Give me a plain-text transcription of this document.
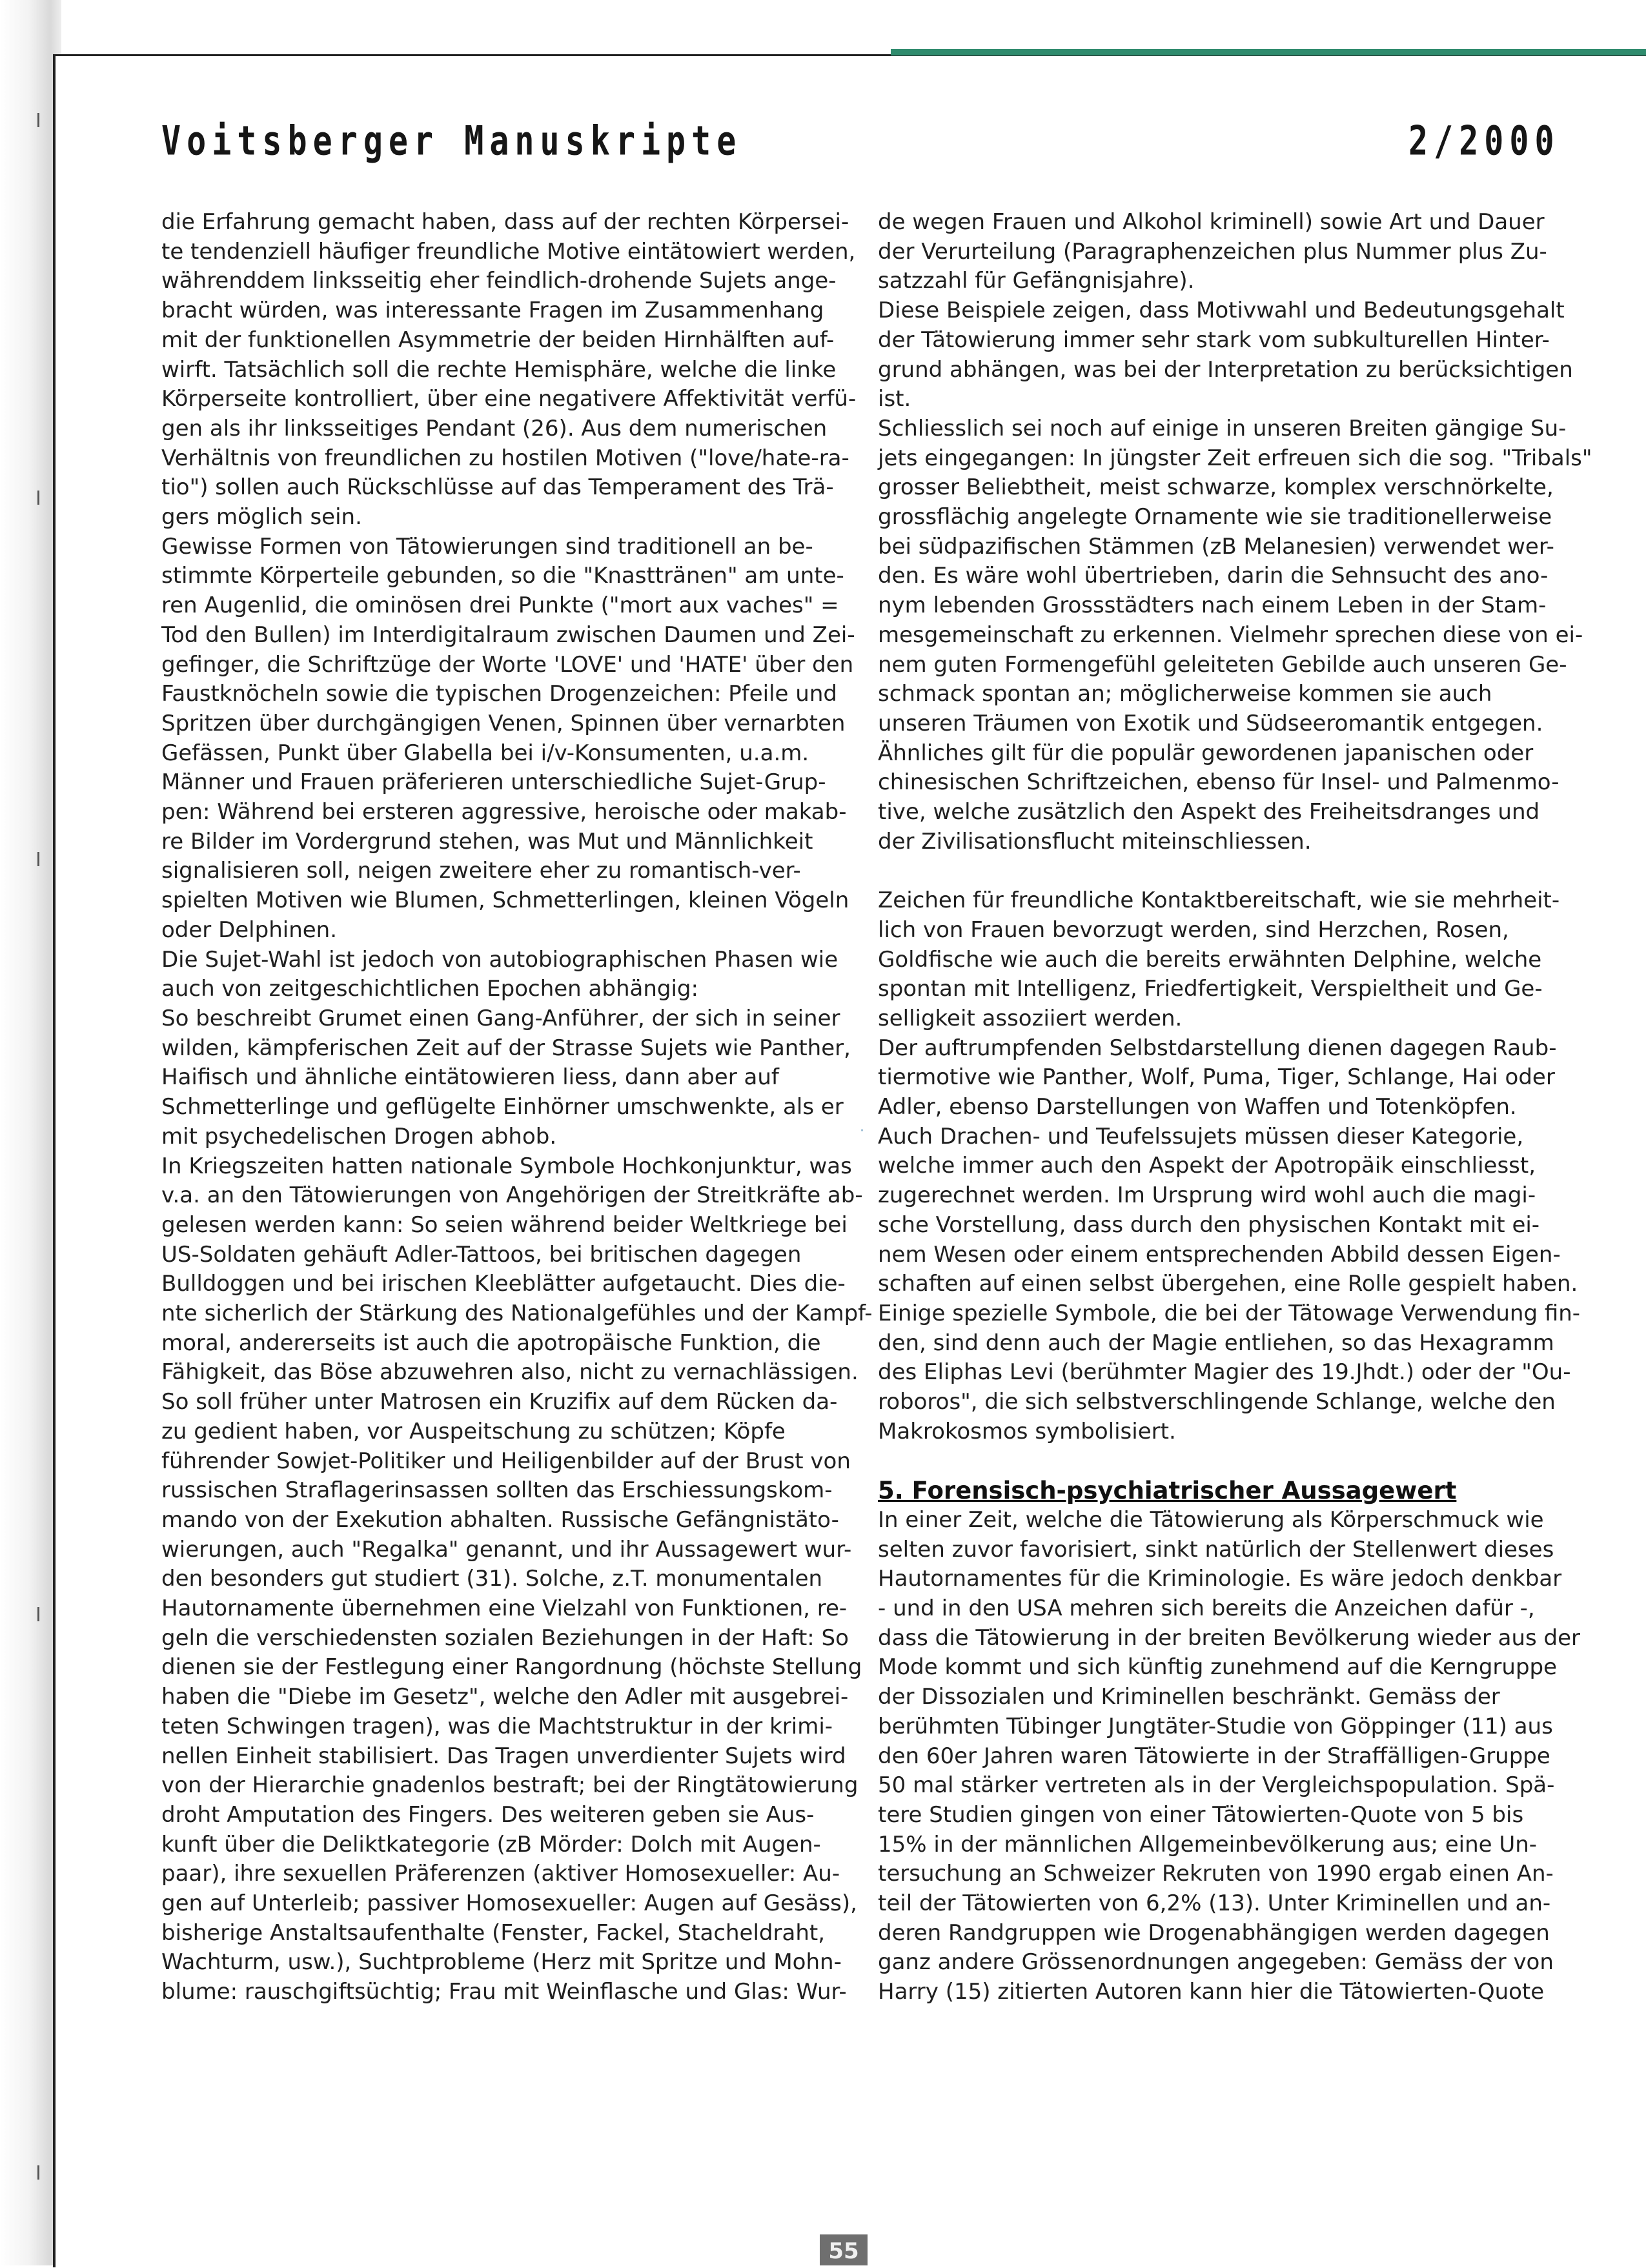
Voitsberger Manuskripte	2/2000

die Erfahrung gemacht haben, dass auf der rechten Körpersei-

te tendenziell häufiger freundliche Motive eintätowiert werden,

währenddem linksseitig eher feindlich-drohende Sujets ange-

bracht würden, was interessante Fragen im Zusammenhang

mit der funktionellen Asymmetrie der beiden Hirnhälften auf-

wirft. Tatsächlich soll die rechte Hemisphäre, welche die linke

Körperseite kontrolliert, über eine negativere Affektivität verfü-

gen als ihr linksseitiges Pendant (26). Aus dem numerischen

Verhältnis von freundlichen zu hostilen Motiven ("love/hate-ra-

tio") sollen auch Rückschlüsse auf das Temperament des Trä-

gers möglich sein.

Gewisse Formen von Tätowierungen sind traditionell an be-

stimmte Körperteile gebunden, so die "Knasttränen" am unte-

ren Augenlid, die ominösen drei Punkte ("mort aux vaches" =

Tod den Bullen) im Interdigitalraum zwischen Daumen und Zei-

gefinger, die Schriftzüge der Worte 'LOVE' und 'HATE' über den

Faustknöcheln sowie die typischen Drogenzeichen: Pfeile und

Spritzen über durchgängigen Venen, Spinnen über vernarbten

Gefässen, Punkt über Glabella bei i/v-Konsumenten, u.a.m.

Männer und Frauen präferieren unterschiedliche Sujet-Grup-

pen: Während bei ersteren aggressive, heroische oder makab-

re Bilder im Vordergrund stehen, was Mut und Männlichkeit

signalisieren soll, neigen zweitere eher zu romantisch-ver-

spielten Motiven wie Blumen, Schmetterlingen, kleinen Vögeln

oder Delphinen.

Die Sujet-Wahl ist jedoch von autobiographischen Phasen wie

auch von zeitgeschichtlichen Epochen abhängig:

So beschreibt Grumet einen Gang-Anführer, der sich in seiner

wilden, kämpferischen Zeit auf der Strasse Sujets wie Panther,

Haifisch und ähnliche eintätowieren liess, dann aber auf

Schmetterlinge und geflügelte Einhörner umschwenkte, als er

mit psychedelischen Drogen abhob.

In Kriegszeiten hatten nationale Symbole Hochkonjunktur, was

v.a. an den Tätowierungen von Angehörigen der Streitkräfte ab-

gelesen werden kann: So seien während beider Weltkriege bei

US-Soldaten gehäuft Adler-Tattoos, bei britischen dagegen

Bulldoggen und bei irischen Kleeblätter aufgetaucht. Dies die-

nte sicherlich der Stärkung des Nationalgefühles und der Kampf-

moral, andererseits ist auch die apotropäische Funktion, die

Fähigkeit, das Böse abzuwehren also, nicht zu vernachlässigen.

So soll früher unter Matrosen ein Kruzifix auf dem Rücken da-

zu gedient haben, vor Auspeitschung zu schützen; Köpfe

führender Sowjet-Politiker und Heiligenbilder auf der Brust von

russischen Straflagerinsassen sollten das Erschiessungskom-

mando von der Exekution abhalten. Russische Gefängnistäto-

wierungen, auch "Regalka" genannt, und ihr Aussagewert wur-

den besonders gut studiert (31). Solche, z.T. monumentalen

Hautornamente übernehmen eine Vielzahl von Funktionen, re-

geln die verschiedensten sozialen Beziehungen in der Haft: So

dienen sie der Festlegung einer Rangordnung (höchste Stellung

haben die "Diebe im Gesetz", welche den Adler mit ausgebrei-

teten Schwingen tragen), was die Machtstruktur in der krimi-

nellen Einheit stabilisiert. Das Tragen unverdienter Sujets wird

von der Hierarchie gnadenlos bestraft; bei der Ringtätowierung

droht Amputation des Fingers. Des weiteren geben sie Aus-

kunft über die Deliktkategorie (zB Mörder: Dolch mit Augen-

paar), ihre sexuellen Präferenzen (aktiver Homosexueller: Au-

gen auf Unterleib; passiver Homosexueller: Augen auf Gesäss),

bisherige Anstaltsaufenthalte (Fenster, Fackel, Stacheldraht,

Wachturm, usw.), Suchtprobleme (Herz mit Spritze und Mohn-

blume: rauschgiftsüchtig; Frau mit Weinflasche und Glas: Wur-

de wegen Frauen und Alkohol kriminell) sowie Art und Dauer

der Verurteilung (Paragraphenzeichen plus Nummer plus Zu-

satzzahl für Gefängnisjahre).

Diese Beispiele zeigen, dass Motivwahl und Bedeutungsgehalt

der Tätowierung immer sehr stark vom subkulturellen Hinter-

grund abhängen, was bei der Interpretation zu berücksichtigen

ist.

Schliesslich sei noch auf einige in unseren Breiten gängige Su-

jets eingegangen: In jüngster Zeit erfreuen sich die sog. "Tribals"

grosser Beliebtheit, meist schwarze, komplex verschnörkelte,

grossflächig angelegte Ornamente wie sie traditionellerweise

bei südpazifischen Stämmen (zB Melanesien) verwendet wer-

den. Es wäre wohl übertrieben, darin die Sehnsucht des ano-

nym lebenden Grossstädters nach einem Leben in der Stam-

mesgemeinschaft zu erkennen. Vielmehr sprechen diese von ei-

nem guten Formengefühl geleiteten Gebilde auch unseren Ge-

schmack spontan an; möglicherweise kommen sie auch

unseren Träumen von Exotik und Südseeromantik entgegen.

Ähnliches gilt für die populär gewordenen japanischen oder

chinesischen Schriftzeichen, ebenso für Insel- und Palmenmo-

tive, welche zusätzlich den Aspekt des Freiheitsdranges und

der Zivilisationsflucht miteinschliessen.

Zeichen für freundliche Kontaktbereitschaft, wie sie mehrheit-

lich von Frauen bevorzugt werden, sind Herzchen, Rosen,

Goldfische wie auch die bereits erwähnten Delphine, welche

spontan mit Intelligenz, Friedfertigkeit, Verspieltheit und Ge-

selligkeit assoziiert werden.

Der auftrumpfenden Selbstdarstellung dienen dagegen Raub-

tiermotive wie Panther, Wolf, Puma, Tiger, Schlange, Hai oder

Adler, ebenso Darstellungen von Waffen und Totenköpfen.

Auch Drachen- und Teufelssujets müssen dieser Kategorie,

welche immer auch den Aspekt der Apotropäik einschliesst,

zugerechnet werden. Im Ursprung wird wohl auch die magi-

sche Vorstellung, dass durch den physischen Kontakt mit ei-

nem Wesen oder einem entsprechenden Abbild dessen Eigen-

schaften auf einen selbst übergehen, eine Rolle gespielt haben.

Einige spezielle Symbole, die bei der Tätowage Verwendung fin-

den, sind denn auch der Magie entliehen, so das Hexagramm

des Eliphas Levi (berühmter Magier des 19.Jhdt.) oder der "Ou-

roboros", die sich selbstverschlingende Schlange, welche den

Makrokosmos symbolisiert.

5. Forensisch-psychiatrischer Aussagewert

In einer Zeit, welche die Tätowierung als Körperschmuck wie

selten zuvor favorisiert, sinkt natürlich der Stellenwert dieses

Hautornamentes für die Kriminologie. Es wäre jedoch denkbar

- und in den USA mehren sich bereits die Anzeichen dafür -,

dass die Tätowierung in der breiten Bevölkerung wieder aus der

Mode kommt und sich künftig zunehmend auf die Kerngruppe

der Dissozialen und Kriminellen beschränkt. Gemäss der

berühmten Tübinger Jungtäter-Studie von Göppinger (11) aus

den 60er Jahren waren Tätowierte in der Straffälligen-Gruppe

50 mal stärker vertreten als in der Vergleichspopulation. Spä-

tere Studien gingen von einer Tätowierten-Quote von 5 bis

15% in der männlichen Allgemeinbevölkerung aus; eine Un-

tersuchung an Schweizer Rekruten von 1990 ergab einen An-

teil der Tätowierten von 6,2% (13). Unter Kriminellen und an-

deren Randgruppen wie Drogenabhängigen werden dagegen

ganz andere Grössenordnungen angegeben: Gemäss der von

Harry (15) zitierten Autoren kann hier die Tätowierten-Quote

·
55
